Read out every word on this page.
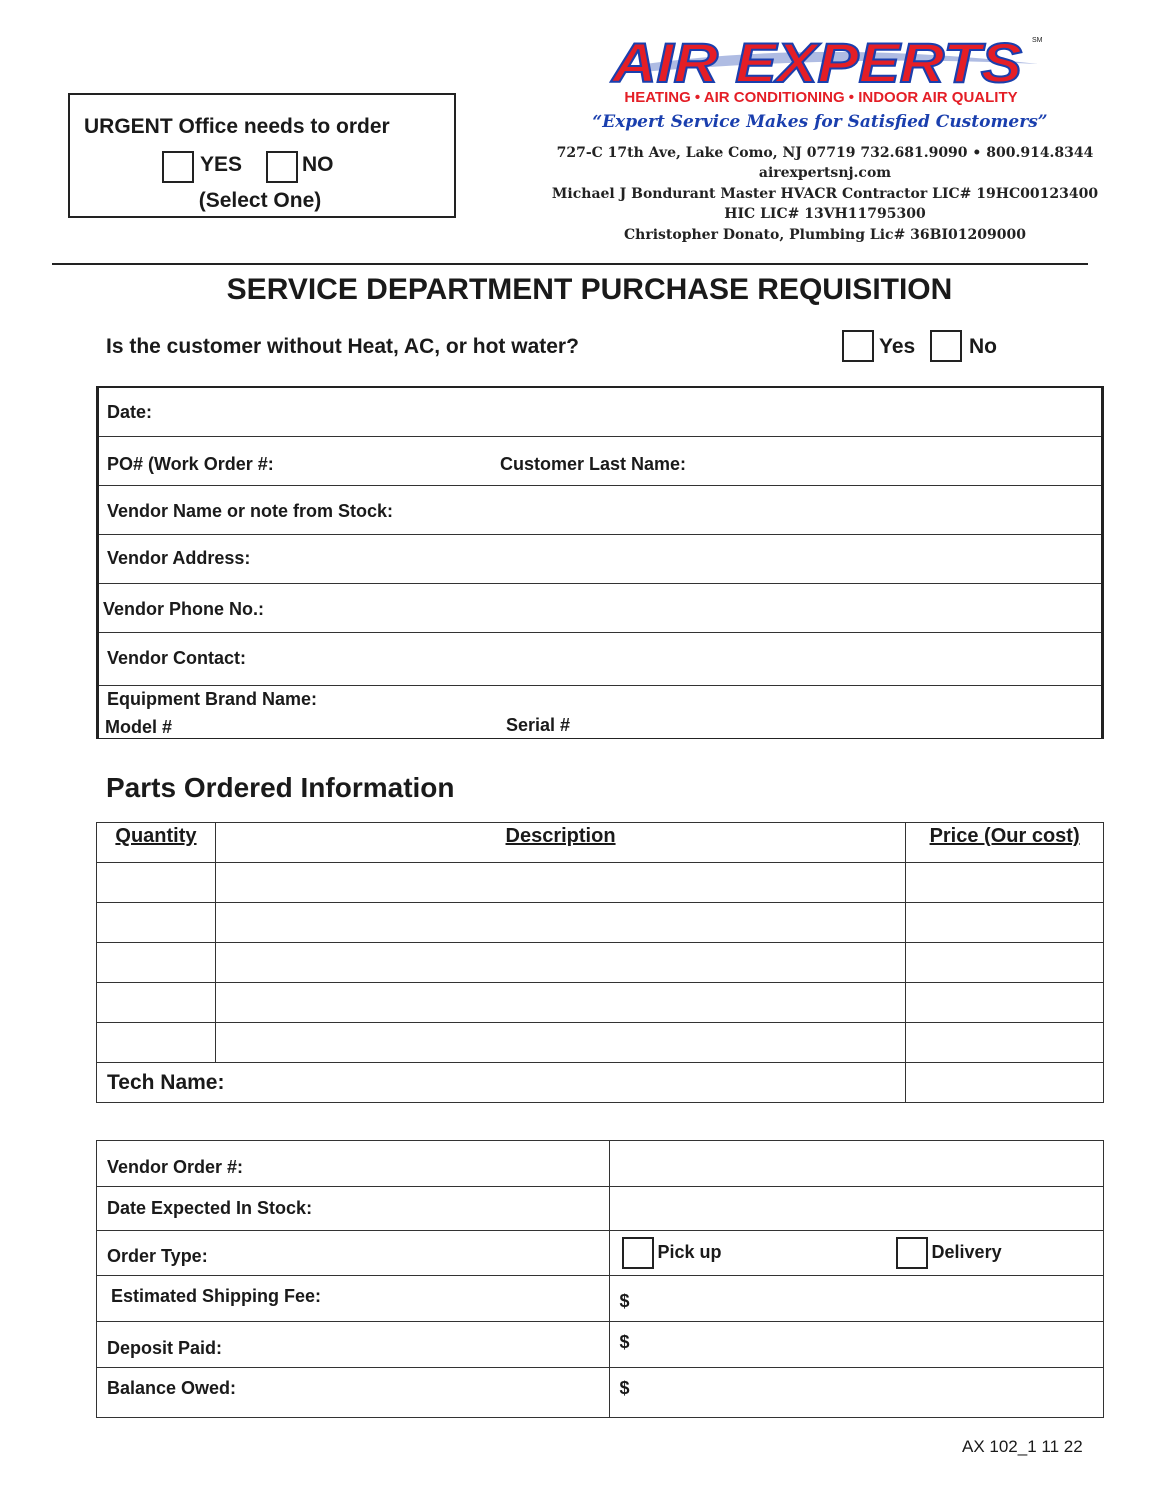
URGENT Office needs to order
YES	NO
(Select One)
AIR EXPERTS SM
HEATING • AIR CONDITIONING • INDOOR AIR QUALITY
“Expert Service Makes for Satisfied Customers”
727-C 17th Ave, Lake Como, NJ 07719 732.681.9090 • 800.914.8344
airexpertsnj.com
Michael J Bondurant Master HVACR Contractor LIC# 19HC00123400
HIC LIC# 13VH11795300
Christopher Donato, Plumbing Lic# 36BI01209000
SERVICE DEPARTMENT PURCHASE REQUISITION
Is the customer without Heat, AC, or hot water?	Yes	No
Date:
PO# (Work Order #:	Customer Last Name:
Vendor Name or note from Stock:
Vendor Address:
Vendor Phone No.:
Vendor Contact:
Equipment Brand Name:
Model #	Serial #
Parts Ordered Information
Quantity	Description	Price (Our cost)

Tech Name:		
Vendor Order #:	
Date Expected In Stock:	
Order Type:	Pick up Delivery

Estimated Shipping Fee:	$
Deposit Paid:	$
Balance Owed:	$
AX 102_1 11 22
